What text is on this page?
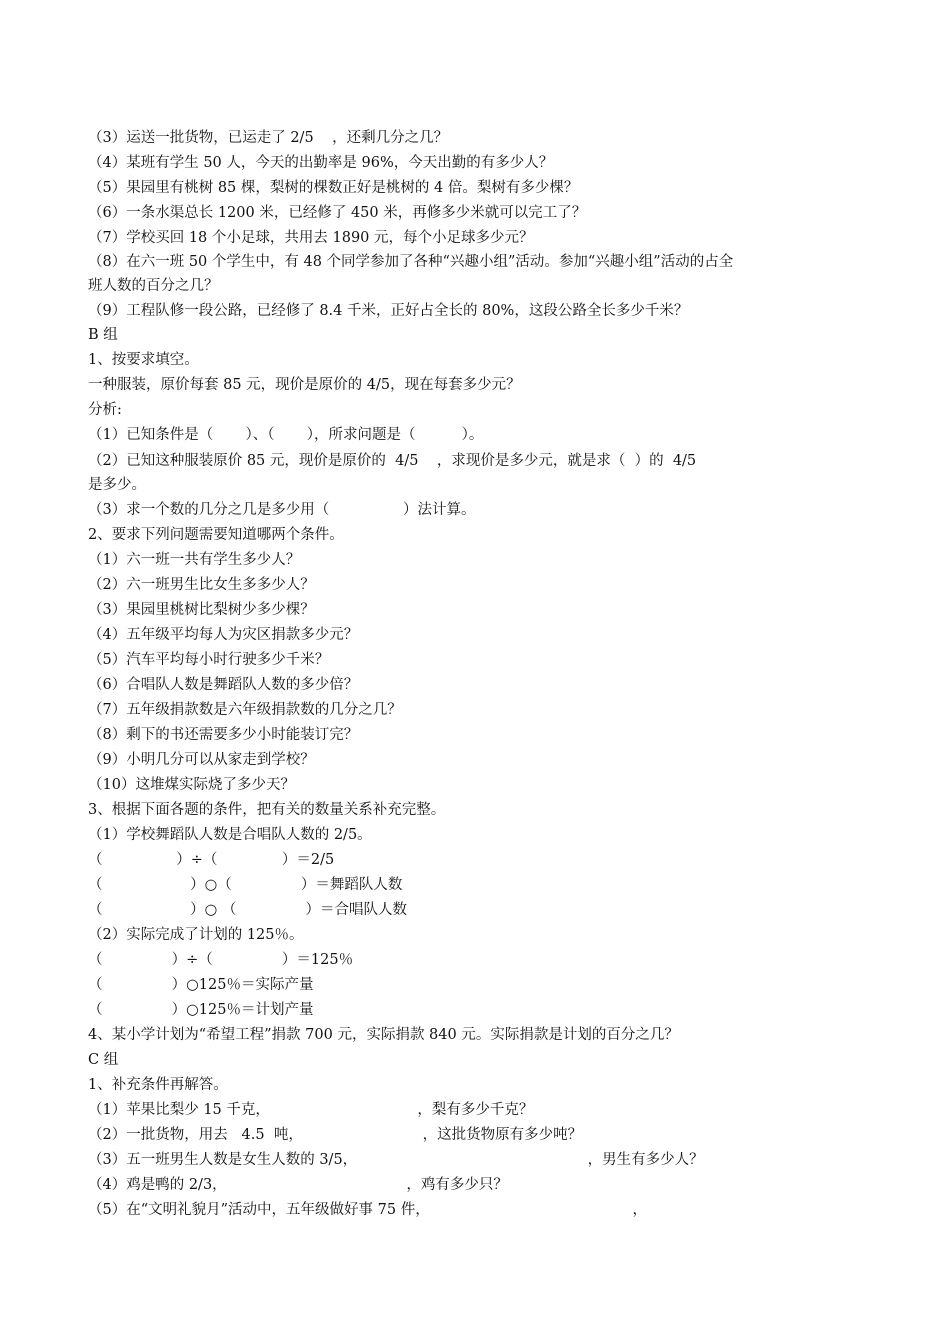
（3）运送一批货物，已运走了 2/5    ，还剩几分之几？
（4）某班有学生 50 人，今天的出勤率是 96%，今天出勤的有多少人？
（5）果园里有桃树 85 棵，梨树的棵数正好是桃树的 4 倍。梨树有多少棵？
（6）一条水渠总长 1200 米，已经修了 450 米，再修多少米就可以完工了？
（7）学校买回 18 个小足球，共用去 1890 元，每个小足球多少元？
（8）在六一班 50 个学生中，有 48 个同学参加了各种“兴趣小组”活动。参加“兴趣小组”活动的占全
班人数的百分之几？
（9）工程队修一段公路，已经修了 8.4 千米，正好占全长的 80%，这段公路全长多少千米？
B 组
1、按要求填空。
一种服装，原价每套 85 元，现价是原价的 4/5，现在每套多少元？
分析:
（1）已知条件是（       ）、（       ），所求问题是（          ）。
（2）已知这种服装原价 85 元，现价是原价的  4/5    ，求现价是多少元，就是求（  ）的  4/5
是多少。
（3）求一个数的几分之几是多少用（                ）法计算。
2、要求下列问题需要知道哪两个条件。
（1）六一班一共有学生多少人？
（2）六一班男生比女生多多少人？
（3）果园里桃树比梨树少多少棵？
（4）五年级平均每人为灾区捐款多少元？
（5）汽车平均每小时行驶多少千米？
（6）合唱队人数是舞蹈队人数的多少倍？
（7）五年级捐款数是六年级捐款数的几分之几？
（8）剩下的书还需要多少小时能装订完？
（9）小明几分可以从家走到学校？
（10）这堆煤实际烧了多少天？
3、根据下面各题的条件，把有关的数量关系补充完整。
（1）学校舞蹈队人数是合唱队人数的 2/5。
（                ）÷（              ）＝2/5
（                   ）○（               ）＝舞蹈队人数
（                   ）○ （               ）＝合唱队人数
（2）实际完成了计划的 125％。
（               ）÷（               ）＝125％
（               ）○125％＝实际产量
（               ）○125％＝计划产量
4、某小学计划为“希望工程”捐款 700 元，实际捐款 840 元。实际捐款是计划的百分之几？
C 组
1、补充条件再解答。
（1）苹果比梨少 15 千克，                                ，梨有多少千克？
（2）一批货物，用去   4.5  吨，                          ，这批货物原有多少吨？
（3）五一班男生人数是女生人数的 3/5，                                                  ，男生有多少人？
（4）鸡是鸭的 2/3，                                       ，鸡有多少只？
（5）在“文明礼貌月”活动中，五年级做好事 75 件，                                            ，
